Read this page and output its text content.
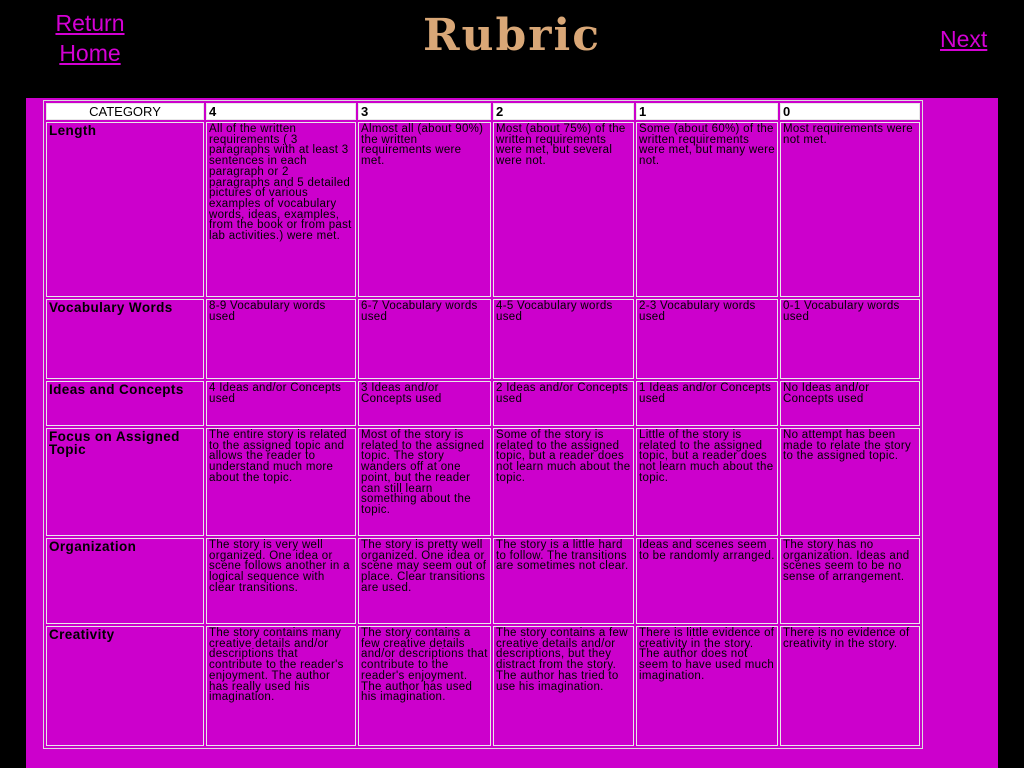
Return Home	Rubric	Next
CATEGORY	4	3	2	1	0
Length	All of the written requirements ( 3 paragraphs with at least 3 sentences in each paragraph or 2 paragraphs and 5 detailed pictures of various examples of vocabulary words, ideas, examples, from the book or from past lab activities.) were met.	Almost all (about 90%) the written requirements were met.	Most (about 75%) of the written requirements were met, but several were not.	Some (about 60%) of the written requirements were met, but many were not.	Most requirements were not met.
Vocabulary Words	8-9 Vocabulary words used	6-7 Vocabulary words used	4-5 Vocabulary words used	2-3 Vocabulary words used	0-1 Vocabulary words used
Ideas and Concepts	4 Ideas and/or Concepts used	3 Ideas and/or Concepts used	2 Ideas and/or Concepts used	1 Ideas and/or Concepts used	No Ideas and/or Concepts used
Focus on Assigned Topic	The entire story is related to the assigned topic and allows the reader to understand much more about the topic.	Most of the story is related to the assigned topic. The story wanders off at one point, but the reader can still learn something about the topic.	Some of the story is related to the assigned topic, but a reader does not learn much about the topic.	Little of the story is related to the assigned topic, but a reader does not learn much about the topic.	No attempt has been made to relate the story to the assigned topic.
Organization	The story is very well organized. One idea or scene follows another in a logical sequence with clear transitions.	The story is pretty well organized. One idea or scene may seem out of place. Clear transitions are used.	The story is a little hard to follow. The transitions are sometimes not clear.	Ideas and scenes seem to be randomly arranged.	The story has no organization. Ideas and scenes seem to be no sense of arrangement.
Creativity	The story contains many creative details and/or descriptions that contribute to the reader's enjoyment. The author has really used his imagination.	The story contains a few creative details and/or descriptions that contribute to the reader's enjoyment. The author has used his imagination.	The story contains a few creative details and/or descriptions, but they distract from the story. The author has tried to use his imagination.	There is little evidence of creativity in the story. The author does not seem to have used much imagination.	There is no evidence of creativity in the story.
